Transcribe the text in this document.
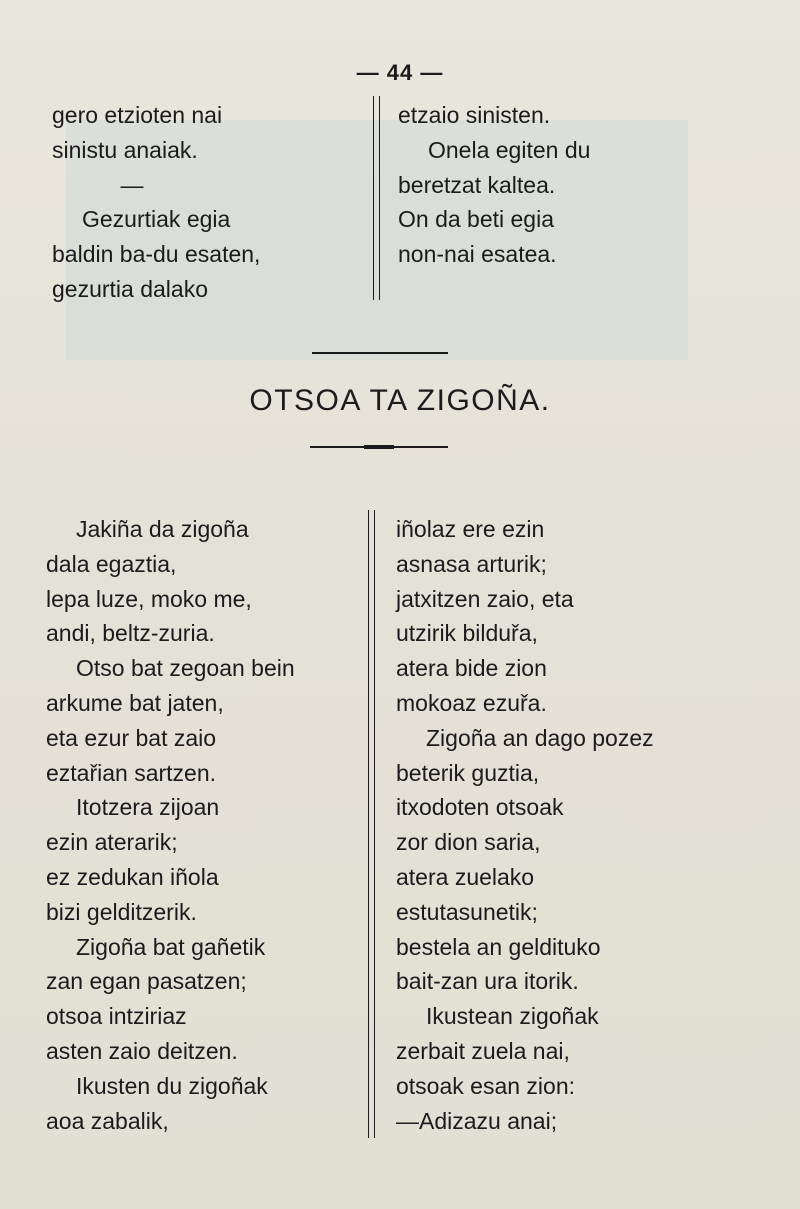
— 44 —
gero etzioten nai
sinistu anaiak.
—
Gezurtiak egia
baldin ba-du esaten,
gezurtia dalako
etzaio sinisten.
Onela egiten du
beretzat kaltea.
On da beti egia
non-nai esatea.
OTSOA TA ZIGOÑA.
Jakiña da zigoña
dala egaztia,
lepa luze, moko me,
andi, beltz-zuria.
Otso bat zegoan bein
arkume bat jaten,
eta ezur bat zaio
eztařian sartzen.
Itotzera zijoan
ezin aterarik;
ez zedukan iñola
bizi gelditzerik.
Zigoña bat gañetik
zan egan pasatzen;
otsoa intziriaz
asten zaio deitzen.
Ikusten du zigoñak
aoa zabalik,
iñolaz ere ezin
asnasa arturik;
jatxitzen zaio, eta
utzirik bilduřa,
atera bide zion
mokoaz ezuřa.
Zigoña an dago pozez
beterik guztia,
itxodoten otsoak
zor dion saria,
atera zuelako
estutasunetik;
bestela an geldituko
bait-zan ura itorik.
Ikustean zigoñak
zerbait zuela nai,
otsoak esan zion:
—Adizazu anai;
